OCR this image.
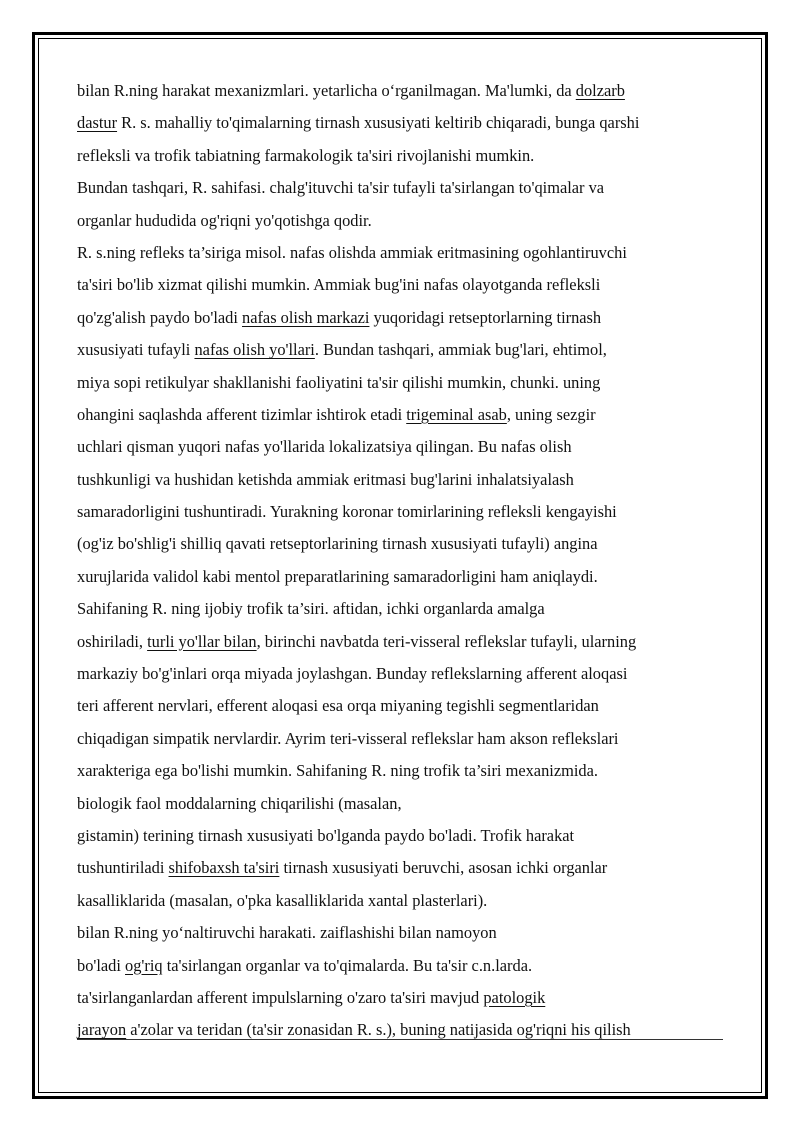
bilan R.ning harakat mexanizmlari. yetarlicha oʻrganilmagan. Ma'lumki, da dolzarb
dastur R. s. mahalliy to'qimalarning tirnash xususiyati keltirib chiqaradi, bunga qarshi
refleksli va trofik tabiatning farmakologik ta'siri rivojlanishi mumkin.
Bundan tashqari, R. sahifasi. chalg'ituvchi ta'sir tufayli ta'sirlangan to'qimalar va
organlar hududida og'riqni yo'qotishga qodir.
R. s.ning refleks ta’siriga misol. nafas olishda ammiak eritmasining ogohlantiruvchi
ta'siri bo'lib xizmat qilishi mumkin. Ammiak bug'ini nafas olayotganda refleksli
qo'zg'alish paydo bo'ladi nafas olish markazi yuqoridagi retseptorlarning tirnash
xususiyati tufayli nafas olish yo'llari. Bundan tashqari, ammiak bug'lari, ehtimol,
miya sopi retikulyar shakllanishi faoliyatini ta'sir qilishi mumkin, chunki. uning
ohangini saqlashda afferent tizimlar ishtirok etadi trigeminal asab, uning sezgir
uchlari qisman yuqori nafas yo'llarida lokalizatsiya qilingan. Bu nafas olish
tushkunligi va hushidan ketishda ammiak eritmasi bug'larini inhalatsiyalash
samaradorligini tushuntiradi. Yurakning koronar tomirlarining refleksli kengayishi
(og'iz bo'shlig'i shilliq qavati retseptorlarining tirnash xususiyati tufayli) angina
xurujlarida validol kabi mentol preparatlarining samaradorligini ham aniqlaydi.
Sahifaning R. ning ijobiy trofik ta’siri. aftidan, ichki organlarda amalga
oshiriladi, turli yo'llar bilan, birinchi navbatda teri-visseral reflekslar tufayli, ularning
markaziy bo'g'inlari orqa miyada joylashgan. Bunday reflekslarning afferent aloqasi
teri afferent nervlari, efferent aloqasi esa orqa miyaning tegishli segmentlaridan
chiqadigan simpatik nervlardir. Ayrim teri-visseral reflekslar ham akson reflekslari
xarakteriga ega bo'lishi mumkin. Sahifaning R. ning trofik ta’siri mexanizmida.
biologik faol moddalarning chiqarilishi (masalan,
gistamin) terining tirnash xususiyati bo'lganda paydo bo'ladi. Trofik harakat
tushuntiriladi shifobaxsh ta'siri tirnash xususiyati beruvchi, asosan ichki organlar
kasalliklarida (masalan, o'pka kasalliklarida xantal plasterlari).
bilan R.ning yoʻnaltiruvchi harakati. zaiflashishi bilan namoyon
bo'ladi og'riq ta'sirlangan organlar va to'qimalarda. Bu ta'sir c.n.larda.
ta'sirlanganlardan afferent impulslarning o'zaro ta'siri mavjud patologik
jarayon a'zolar va teridan (ta'sir zonasidan R. s.), buning natijasida og'riqni his qilish
